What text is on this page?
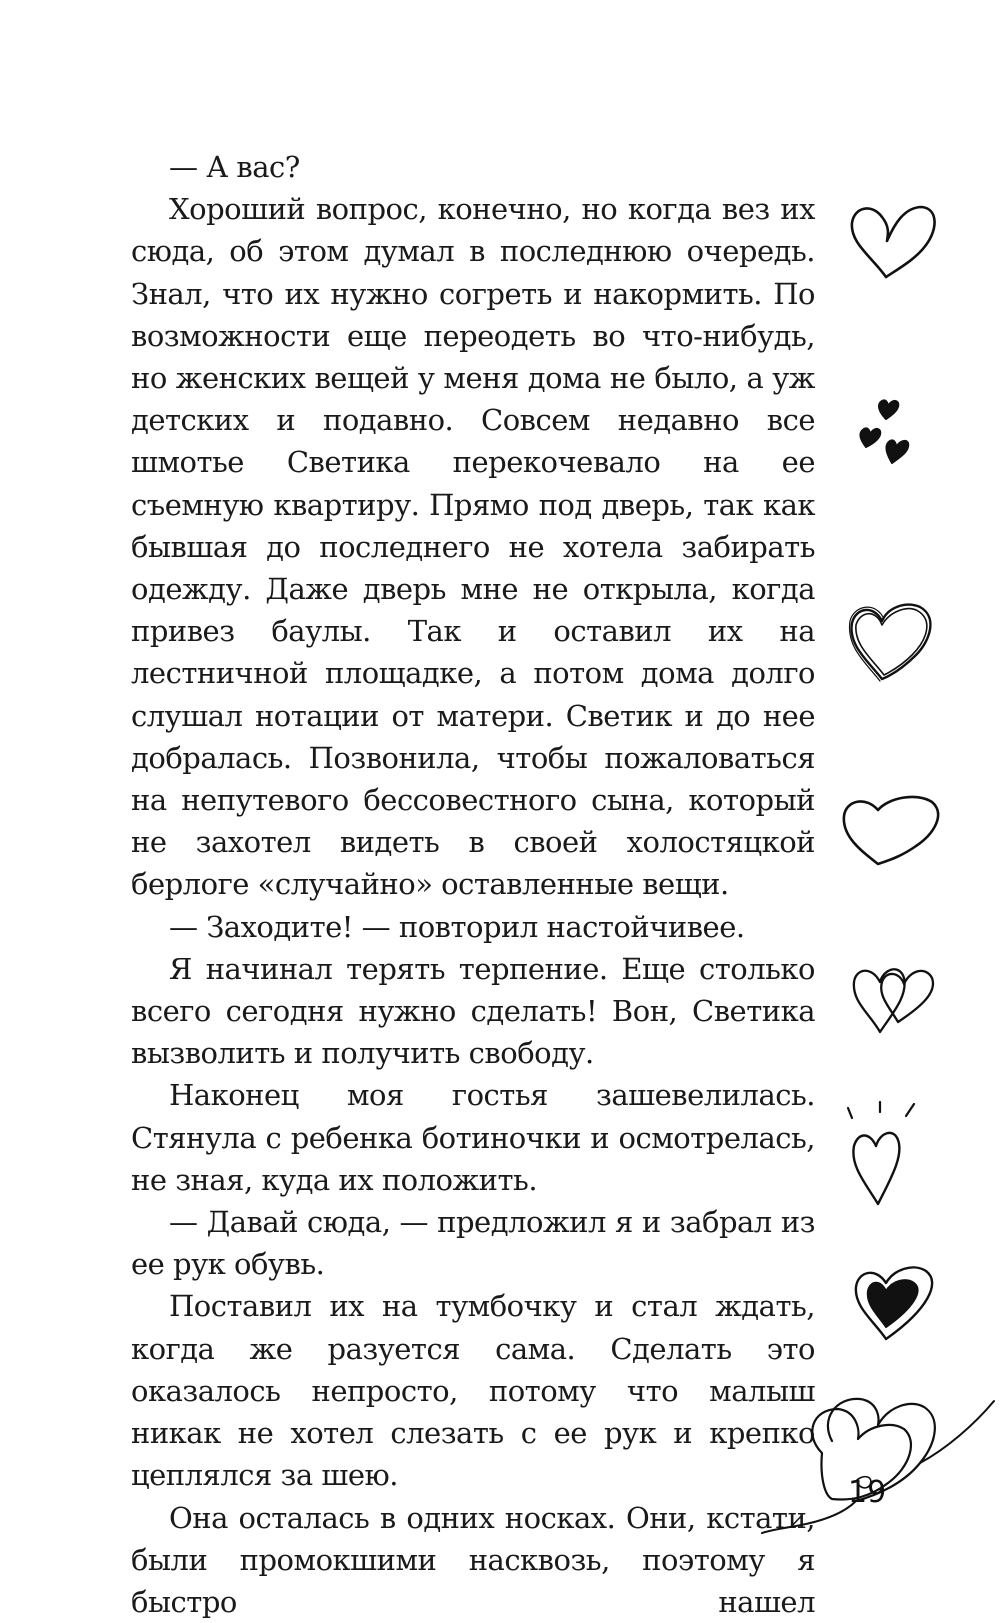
— А вас?

Хороший вопрос, конечно, но когда вез их сюда, об этом думал в последнюю очередь. Знал, что их нужно согреть и накормить. По возможности еще переодеть во что-нибудь, но женских вещей у меня дома не было, а уж детских и подавно. Совсем недавно все шмотье Светика перекочевало на ее съемную квартиру. Прямо под дверь, так как бывшая до последнего не хотела забирать одежду. Даже дверь мне не открыла, когда привез баулы. Так и оставил их на лестничной площадке, а потом дома долго слушал нотации от матери. Светик и до нее добралась. Позвонила, чтобы пожаловаться на непутевого бессовестного сына, который не захотел видеть в своей холостяцкой берлоге «случайно» оставленные вещи.

— Заходите! — повторил настойчивее.

Я начинал терять терпение. Еще столько всего сегодня нужно сделать! Вон, Светика вызволить и получить свободу.

Наконец моя гостья зашевелилась. Стянула с ребенка ботиночки и осмотрелась, не зная, куда их положить.

— Давай сюда, — предложил я и забрал из ее рук обувь.

Поставил их на тумбочку и стал ждать, когда же разуется сама. Сделать это оказалось непросто, потому что малыш никак не хотел слезать с ее рук и крепко цеплялся за шею.

Она осталась в одних носках. Они, кстати, были промокшими насквозь, поэтому я быстро нашел

19
